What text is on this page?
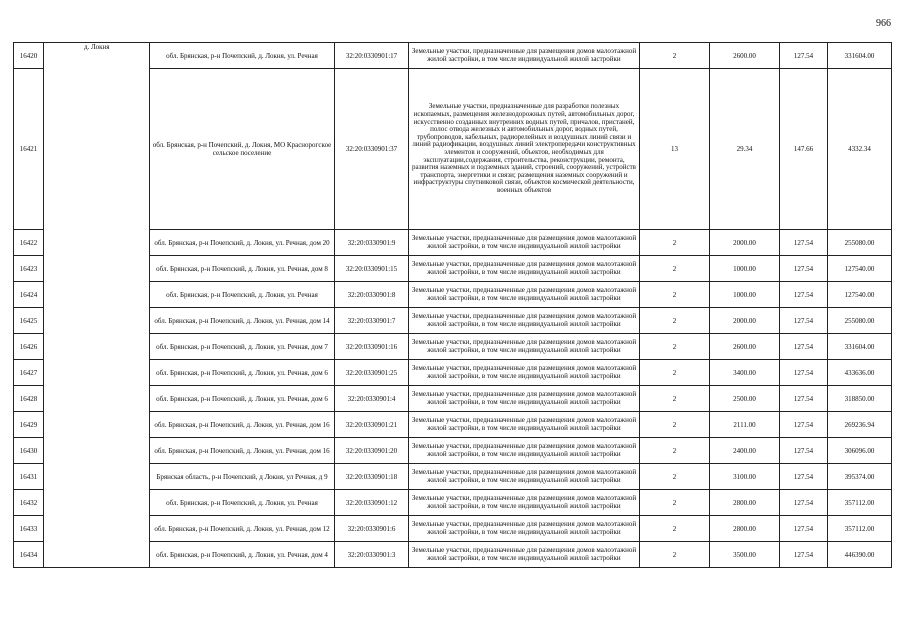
966
16420	д. Локня	обл. Брянская, р-н Почепский, д. Локня, ул. Речная	32:20:0330901:17	Земельные участки, предназначенные для размещения домов малоэтажной жилой застройки, в том числе индивидуальной жилой застройки	2	2600.00	127.54	331604.00
16421		обл. Брянская, р-н Почепский, д. Локня, МО Краснорогское сельское поселение	32:20:0330901:37	Земельные участки, предназначенные для разработки полезных ископаемых, размещения железнодорожных путей, автомобильных дорог, искусственно созданных внутренних водных путей, причалов, пристаней, полос отвода железных и автомобильных дорог, водных путей, трубопроводов, кабельных, радиорелейных и воздушных линий связи и линий радиофикации, воздушных линий электропередачи конструктивных элементов и сооружений, объектов, необходимых для эксплуатации,содержания, строительства, реконструкции, ремонта, развития наземных и подземных зданий, строений, сооружений, устройств транспорта, энергетики и связи; размещения наземных сооружений и инфраструктуры спутниковой связи, объектов космической деятельности, военных объектов	13	29.34	147.66	4332.34
16422		обл. Брянская, р-н Почепский, д. Локня, ул. Речная, дом 20	32:20:0330901:9	Земельные участки, предназначенные для размещения домов малоэтажной жилой застройки, в том числе индивидуальной жилой застройки	2	2000.00	127.54	255080.00
16423		обл. Брянская, р-н Почепский, д. Локня, ул. Речная, дом 8	32:20:0330901:15	Земельные участки, предназначенные для размещения домов малоэтажной жилой застройки, в том числе индивидуальной жилой застройки	2	1000.00	127.54	127540.00
16424		обл. Брянская, р-н Почепский, д. Локня, ул. Речная	32:20:0330901:8	Земельные участки, предназначенные для размещения домов малоэтажной жилой застройки, в том числе индивидуальной жилой застройки	2	1000.00	127.54	127540.00
16425		обл. Брянская, р-н Почепский, д. Локня, ул. Речная, дом 14	32:20:0330901:7	Земельные участки, предназначенные для размещения домов малоэтажной жилой застройки, в том числе индивидуальной жилой застройки	2	2000.00	127.54	255080.00
16426		обл. Брянская, р-н Почепский, д. Локня, ул. Речная, дом 7	32:20:0330901:16	Земельные участки, предназначенные для размещения домов малоэтажной жилой застройки, в том числе индивидуальной жилой застройки	2	2600.00	127.54	331604.00
16427		обл. Брянская, р-н Почепский, д. Локня, ул. Речная, дом 6	32:20:0330901:25	Земельные участки, предназначенные для размещения домов малоэтажной жилой застройки, в том числе индивидуальной жилой застройки	2	3400.00	127.54	433636.00
16428		обл. Брянская, р-н Почепский, д. Локня, ул. Речная, дом 6	32:20:0330901:4	Земельные участки, предназначенные для размещения домов малоэтажной жилой застройки, в том числе индивидуальной жилой застройки	2	2500.00	127.54	318850.00
16429		обл. Брянская, р-н Почепский, д. Локня, ул. Речная, дом 16	32:20:0330901:21	Земельные участки, предназначенные для размещения домов малоэтажной жилой застройки, в том числе индивидуальной жилой застройки	2	2111.00	127.54	269236.94
16430		обл. Брянская, р-н Почепский, д. Локня, ул. Речная, дом 16	32:20:0330901:20	Земельные участки, предназначенные для размещения домов малоэтажной жилой застройки, в том числе индивидуальной жилой застройки	2	2400.00	127.54	306096.00
16431		Брянская область, р-н Почепский, д Локня, ул Речная, д 9	32:20:0330901:18	Земельные участки, предназначенные для размещения домов малоэтажной жилой застройки, в том числе индивидуальной жилой застройки	2	3100.00	127.54	395374.00
16432		обл. Брянская, р-н Почепский, д. Локня, ул. Речная	32:20:0330901:12	Земельные участки, предназначенные для размещения домов малоэтажной жилой застройки, в том числе индивидуальной жилой застройки	2	2800.00	127.54	357112.00
16433		обл. Брянская, р-н Почепский, д. Локня, ул. Речная, дом 12	32:20:0330901:6	Земельные участки, предназначенные для размещения домов малоэтажной жилой застройки, в том числе индивидуальной жилой застройки	2	2800.00	127.54	357112.00
16434		обл. Брянская, р-н Почепский, д. Локня, ул. Речная, дом 4	32:20:0330901:3	Земельные участки, предназначенные для размещения домов малоэтажной жилой застройки, в том числе индивидуальной жилой застройки	2	3500.00	127.54	446390.00
